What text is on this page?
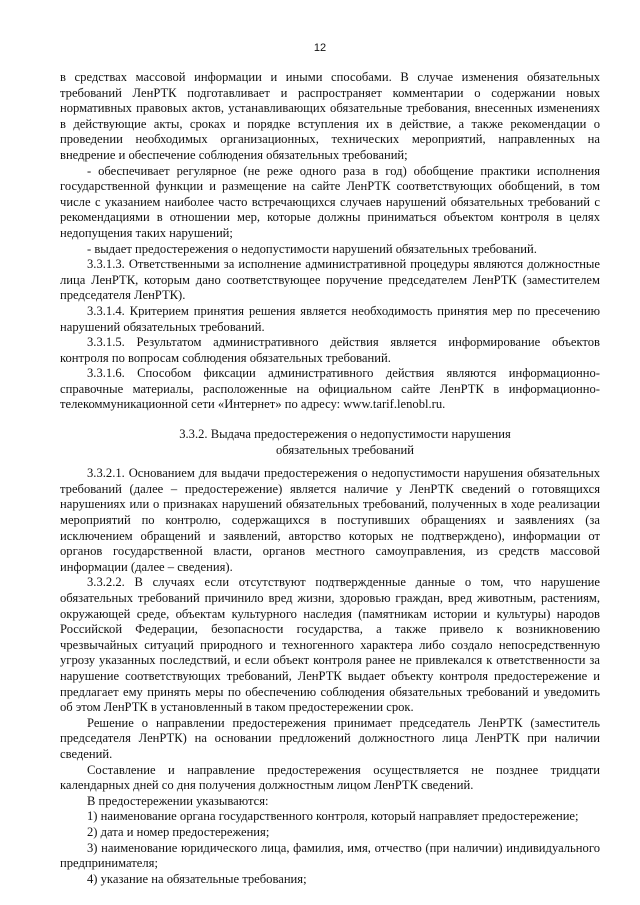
12

в средствах массовой информации и иными способами. В случае изменения обязательных требований ЛенРТК подготавливает и распространяет комментарии о содержании новых нормативных правовых актов, устанавливающих обязательные требования, внесенных изменениях в действующие акты, сроках и порядке вступления их в действие, а также рекомендации о проведении необходимых организационных, технических мероприятий, направленных на внедрение и обеспечение соблюдения обязательных требований;

- обеспечивает регулярное (не реже одного раза в год) обобщение практики исполнения государственной функции и размещение на сайте ЛенРТК соответствующих обобщений, в том числе с указанием наиболее часто встречающихся случаев нарушений обязательных требований с рекомендациями в отношении мер, которые должны приниматься объектом контроля в целях недопущения таких нарушений;

- выдает предостережения о недопустимости нарушений обязательных требований.

3.3.1.3. Ответственными за исполнение административной процедуры являются должностные лица ЛенРТК, которым дано соответствующее поручение председателем ЛенРТК (заместителем председателя ЛенРТК).

3.3.1.4. Критерием принятия решения является необходимость принятия мер по пресечению нарушений обязательных требований.

3.3.1.5. Результатом административного действия является информирование объектов контроля по вопросам соблюдения обязательных требований.

3.3.1.6. Способом фиксации административного действия являются информационно-справочные материалы, расположенные на официальном сайте ЛенРТК в информационно-телекоммуникационной сети «Интернет» по адресу: www.tarif.lenobl.ru.

3.3.2. Выдача предостережения о недопустимости нарушения

обязательных требований

3.3.2.1. Основанием для выдачи предостережения о недопустимости нарушения обязательных требований (далее – предостережение) является наличие у ЛенРТК сведений о готовящихся нарушениях или о признаках нарушений обязательных требований, полученных в ходе реализации мероприятий по контролю, содержащихся в поступивших обращениях и заявлениях (за исключением обращений и заявлений, авторство которых не подтверждено), информации от органов государственной власти, органов местного самоуправления, из средств массовой информации (далее – сведения).

3.3.2.2. В случаях если отсутствуют подтвержденные данные о том, что нарушение обязательных требований причинило вред жизни, здоровью граждан, вред животным, растениям, окружающей среде, объектам культурного наследия (памятникам истории и культуры) народов Российской Федерации, безопасности государства, а также привело к возникновению чрезвычайных ситуаций природного и техногенного характера либо создало непосредственную угрозу указанных последствий, и если объект контроля ранее не привлекался к ответственности за нарушение соответствующих требований, ЛенРТК выдает объекту контроля предостережение и предлагает ему принять меры по обеспечению соблюдения обязательных требований и уведомить об этом ЛенРТК в установленный в таком предостережении срок.

Решение о направлении предостережения принимает председатель ЛенРТК (заместитель председателя ЛенРТК) на основании предложений должностного лица ЛенРТК при наличии сведений.

Составление и направление предостережения осуществляется не позднее тридцати календарных дней со дня получения должностным лицом ЛенРТК сведений.

В предостережении указываются:

1) наименование органа государственного контроля, который направляет предостережение;

2) дата и номер предостережения;

3) наименование юридического лица, фамилия, имя, отчество (при наличии) индивидуального предпринимателя;

4) указание на обязательные требования;
